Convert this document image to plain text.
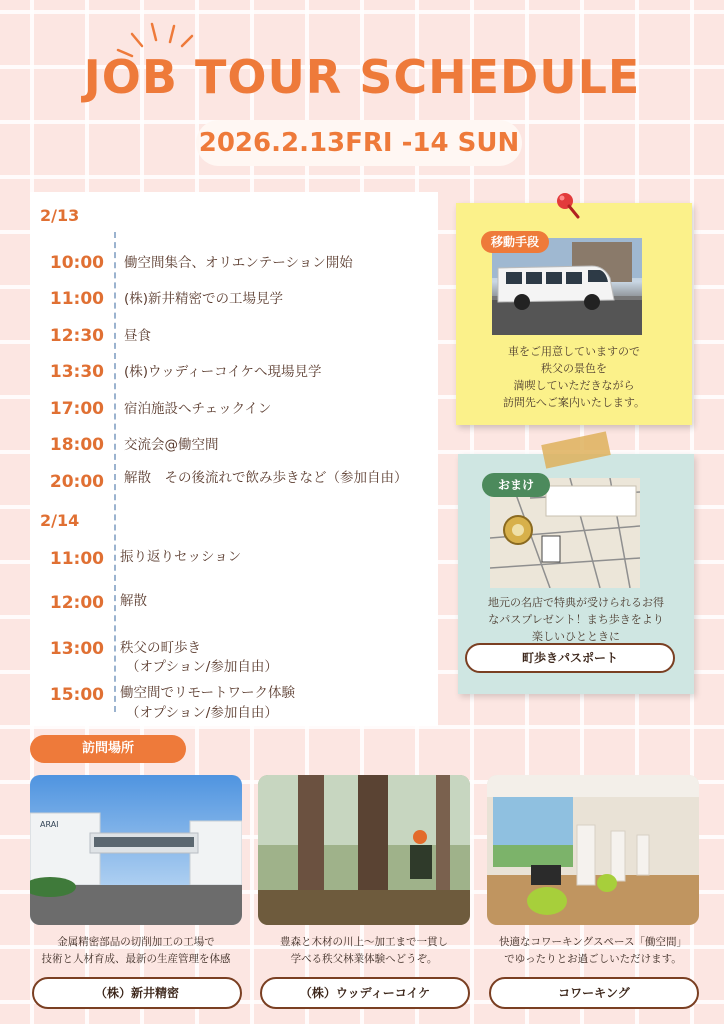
JOB TOUR SCHEDULE
2026.2.13FRI -14 SUN
2/13
10:00 働空間集合、オリエンテーション開始
11:00 (株)新井精密での工場見学
12:30 昼食
13:30 (株)ウッディーコイケへ現場見学
17:00 宿泊施設へチェックイン
18:00 交流会@働空間
20:00 解散　その後流れで飲み歩きなど（参加自由）
2/14
11:00 振り返りセッション
12:00 解散
13:00 秩父の町歩き
（オプション/参加自由）
15:00 働空間でリモートワーク体験
（オプション/参加自由）
移動手段
車をご用意していますので
秩父の景色を
満喫していただきながら
訪問先へご案内いたします。
おまけ
地元の名店で特典が受けられるお得
なパスプレゼント！まち歩きをより
楽しいひとときに
町歩きパスポート
訪問場所
ARAI
金属精密部品の切削加工の工場で
技術と人材育成、最新の生産管理を体感
（株）新井精密
豊森と木材の川上～加工まで一貫し
学べる秩父林業体験へどうぞ。
（株）ウッディーコイケ
快適なコワーキングスペース「働空間」
でゆったりとお過ごしいただけます。
コワーキング
